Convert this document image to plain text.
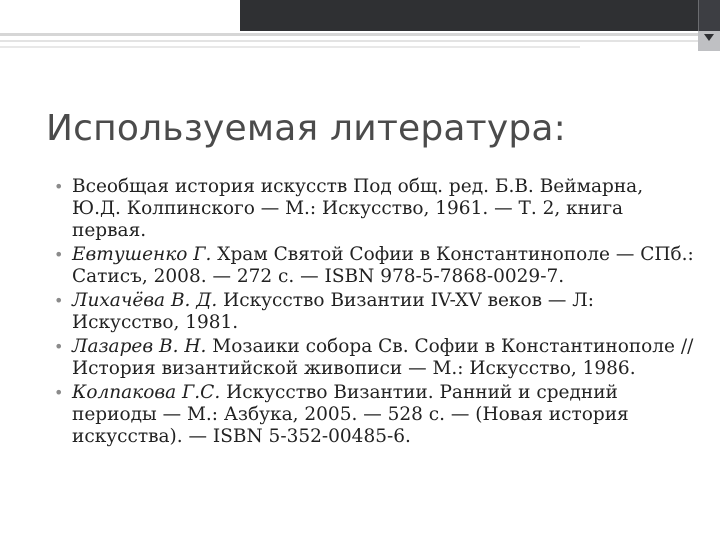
Используемая литература:
• Всеобщая история искусств Под общ. ред. Б.В. Веймарна, Ю.Д. Колпинского — М.: Искусство, 1961. — Т. 2, книга первая.
• Евтушенко Г. Храм Святой Софии в Константинополе — СПб.: Сатисъ, 2008. — 272 с. — ISBN 978-5-7868-0029-7.
• Лихачёва В. Д. Искусство Византии IV-XV веков — Л: Искусство, 1981.
• Лазарев В. Н. Мозаики собора Св. Софии в Константинополе // История византийской живописи — М.: Искусство, 1986.
• Колпакова Г.С. Искусство Византии. Ранний и средний периоды — М.: Азбука, 2005. — 528 с. — (Новая история искусства). — ISBN 5-352-00485-6.
